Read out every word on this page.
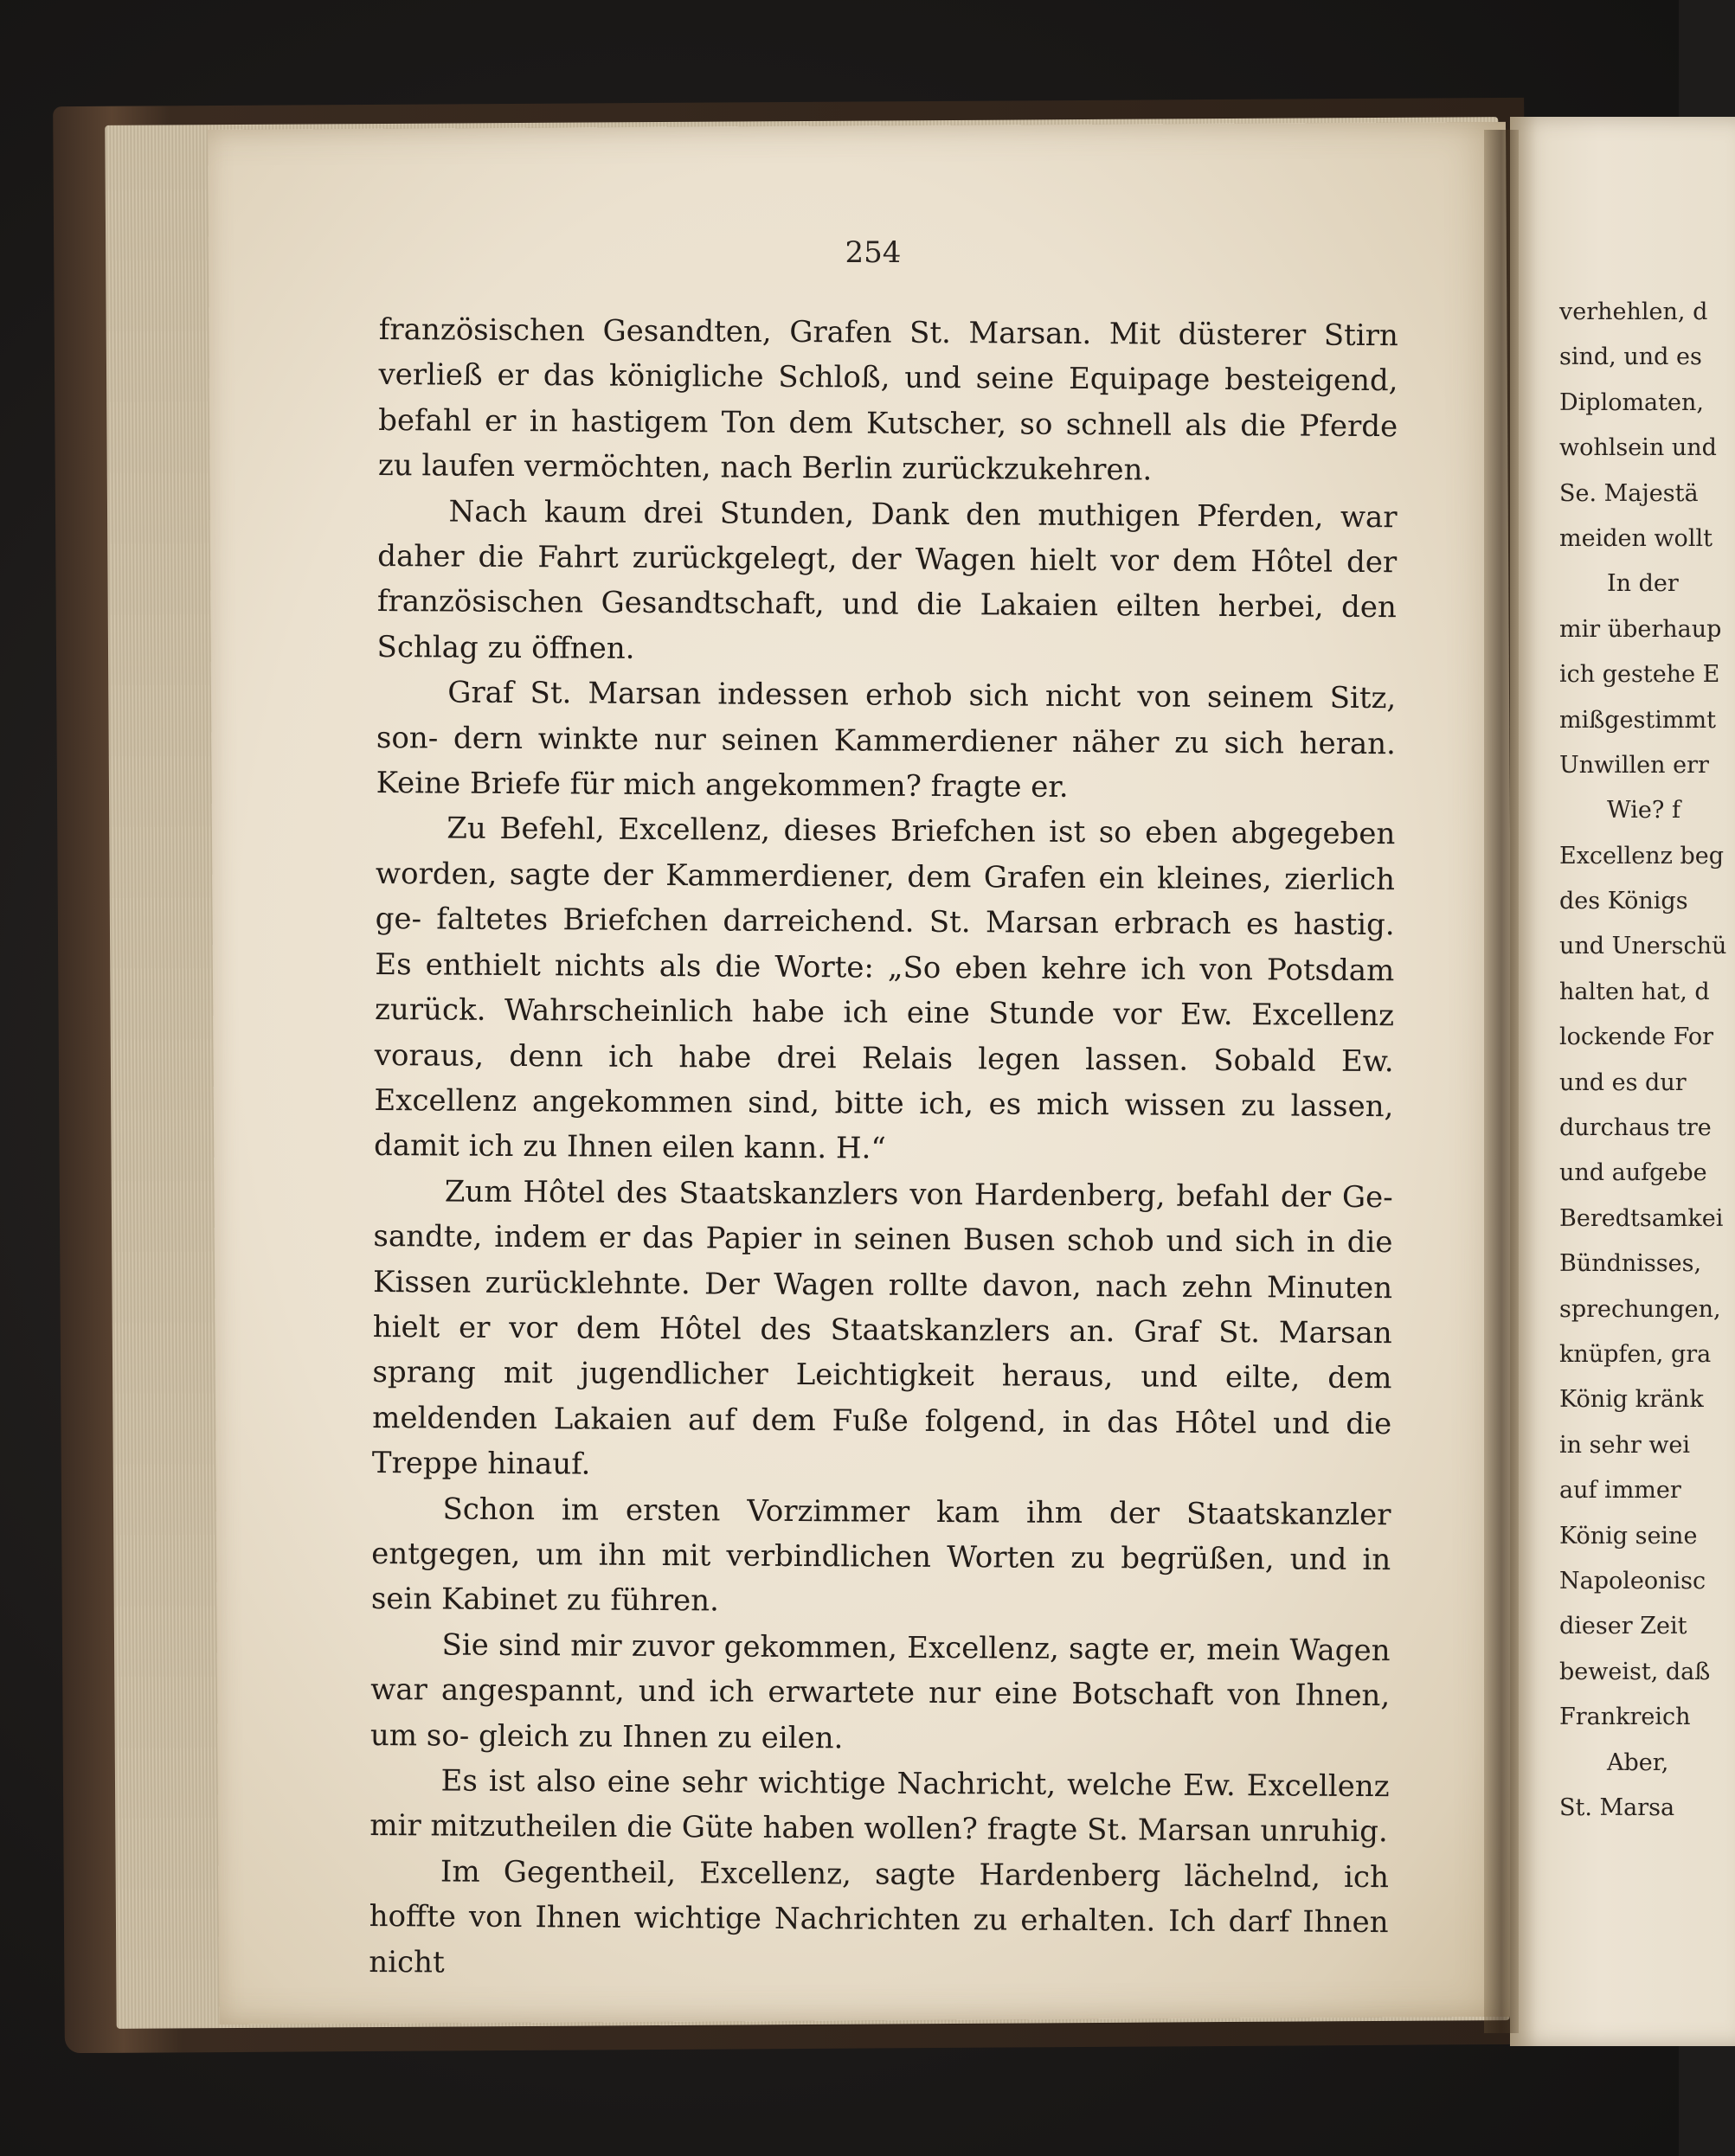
254

französischen Gesandten, Grafen St. Marsan. Mit düsterer Stirn verließ er das königliche Schloß, und seine Equipage besteigend, befahl er in hastigem Ton dem Kutscher, so schnell als die Pferde zu laufen vermöchten, nach Berlin zurückzukehren.

Nach kaum drei Stunden, Dank den muthigen Pferden, war daher die Fahrt zurückgelegt, der Wagen hielt vor dem Hôtel der französischen Gesandtschaft, und die Lakaien eilten herbei, den Schlag zu öffnen.

Graf St. Marsan indessen erhob sich nicht von seinem Sitz, son- dern winkte nur seinen Kammerdiener näher zu sich heran. Keine Briefe für mich angekommen? fragte er.

Zu Befehl, Excellenz, dieses Briefchen ist so eben abgegeben worden, sagte der Kammerdiener, dem Grafen ein kleines, zierlich ge- faltetes Briefchen darreichend. St. Marsan erbrach es hastig. Es enthielt nichts als die Worte: „So eben kehre ich von Potsdam zurück. Wahrscheinlich habe ich eine Stunde vor Ew. Excellenz voraus, denn ich habe drei Relais legen lassen. Sobald Ew. Excellenz angekommen sind, bitte ich, es mich wissen zu lassen, damit ich zu Ihnen eilen kann. H.“

Zum Hôtel des Staatskanzlers von Hardenberg, befahl der Ge- sandte, indem er das Papier in seinen Busen schob und sich in die Kissen zurücklehnte. Der Wagen rollte davon, nach zehn Minuten hielt er vor dem Hôtel des Staatskanzlers an. Graf St. Marsan sprang mit jugendlicher Leichtigkeit heraus, und eilte, dem meldenden Lakaien auf dem Fuße folgend, in das Hôtel und die Treppe hinauf.

Schon im ersten Vorzimmer kam ihm der Staatskanzler entgegen, um ihn mit verbindlichen Worten zu begrüßen, und in sein Kabinet zu führen.

Sie sind mir zuvor gekommen, Excellenz, sagte er, mein Wagen war angespannt, und ich erwartete nur eine Botschaft von Ihnen, um so- gleich zu Ihnen zu eilen.

Es ist also eine sehr wichtige Nachricht, welche Ew. Excellenz mir mitzutheilen die Güte haben wollen? fragte St. Marsan unruhig.

Im Gegentheil, Excellenz, sagte Hardenberg lächelnd, ich hoffte von Ihnen wichtige Nachrichten zu erhalten. Ich darf Ihnen nicht

verhehlen, d
sind, und es
Diplomaten,
wohlsein und
Se. Majestä
meiden wollt
In der
mir überhaup
ich gestehe E
mißgestimmt
Unwillen err
Wie? f
Excellenz beg
des Königs
und Unerschü
halten hat, d
lockende For
und es dur
durchaus tre
und aufgebe
Beredtsamkei
Bündnisses,
sprechungen,
knüpfen, gra
König kränk
in sehr wei
auf immer
König seine
Napoleonisc
dieser Zeit
beweist, daß
Frankreich
Aber,
St. Marsa
